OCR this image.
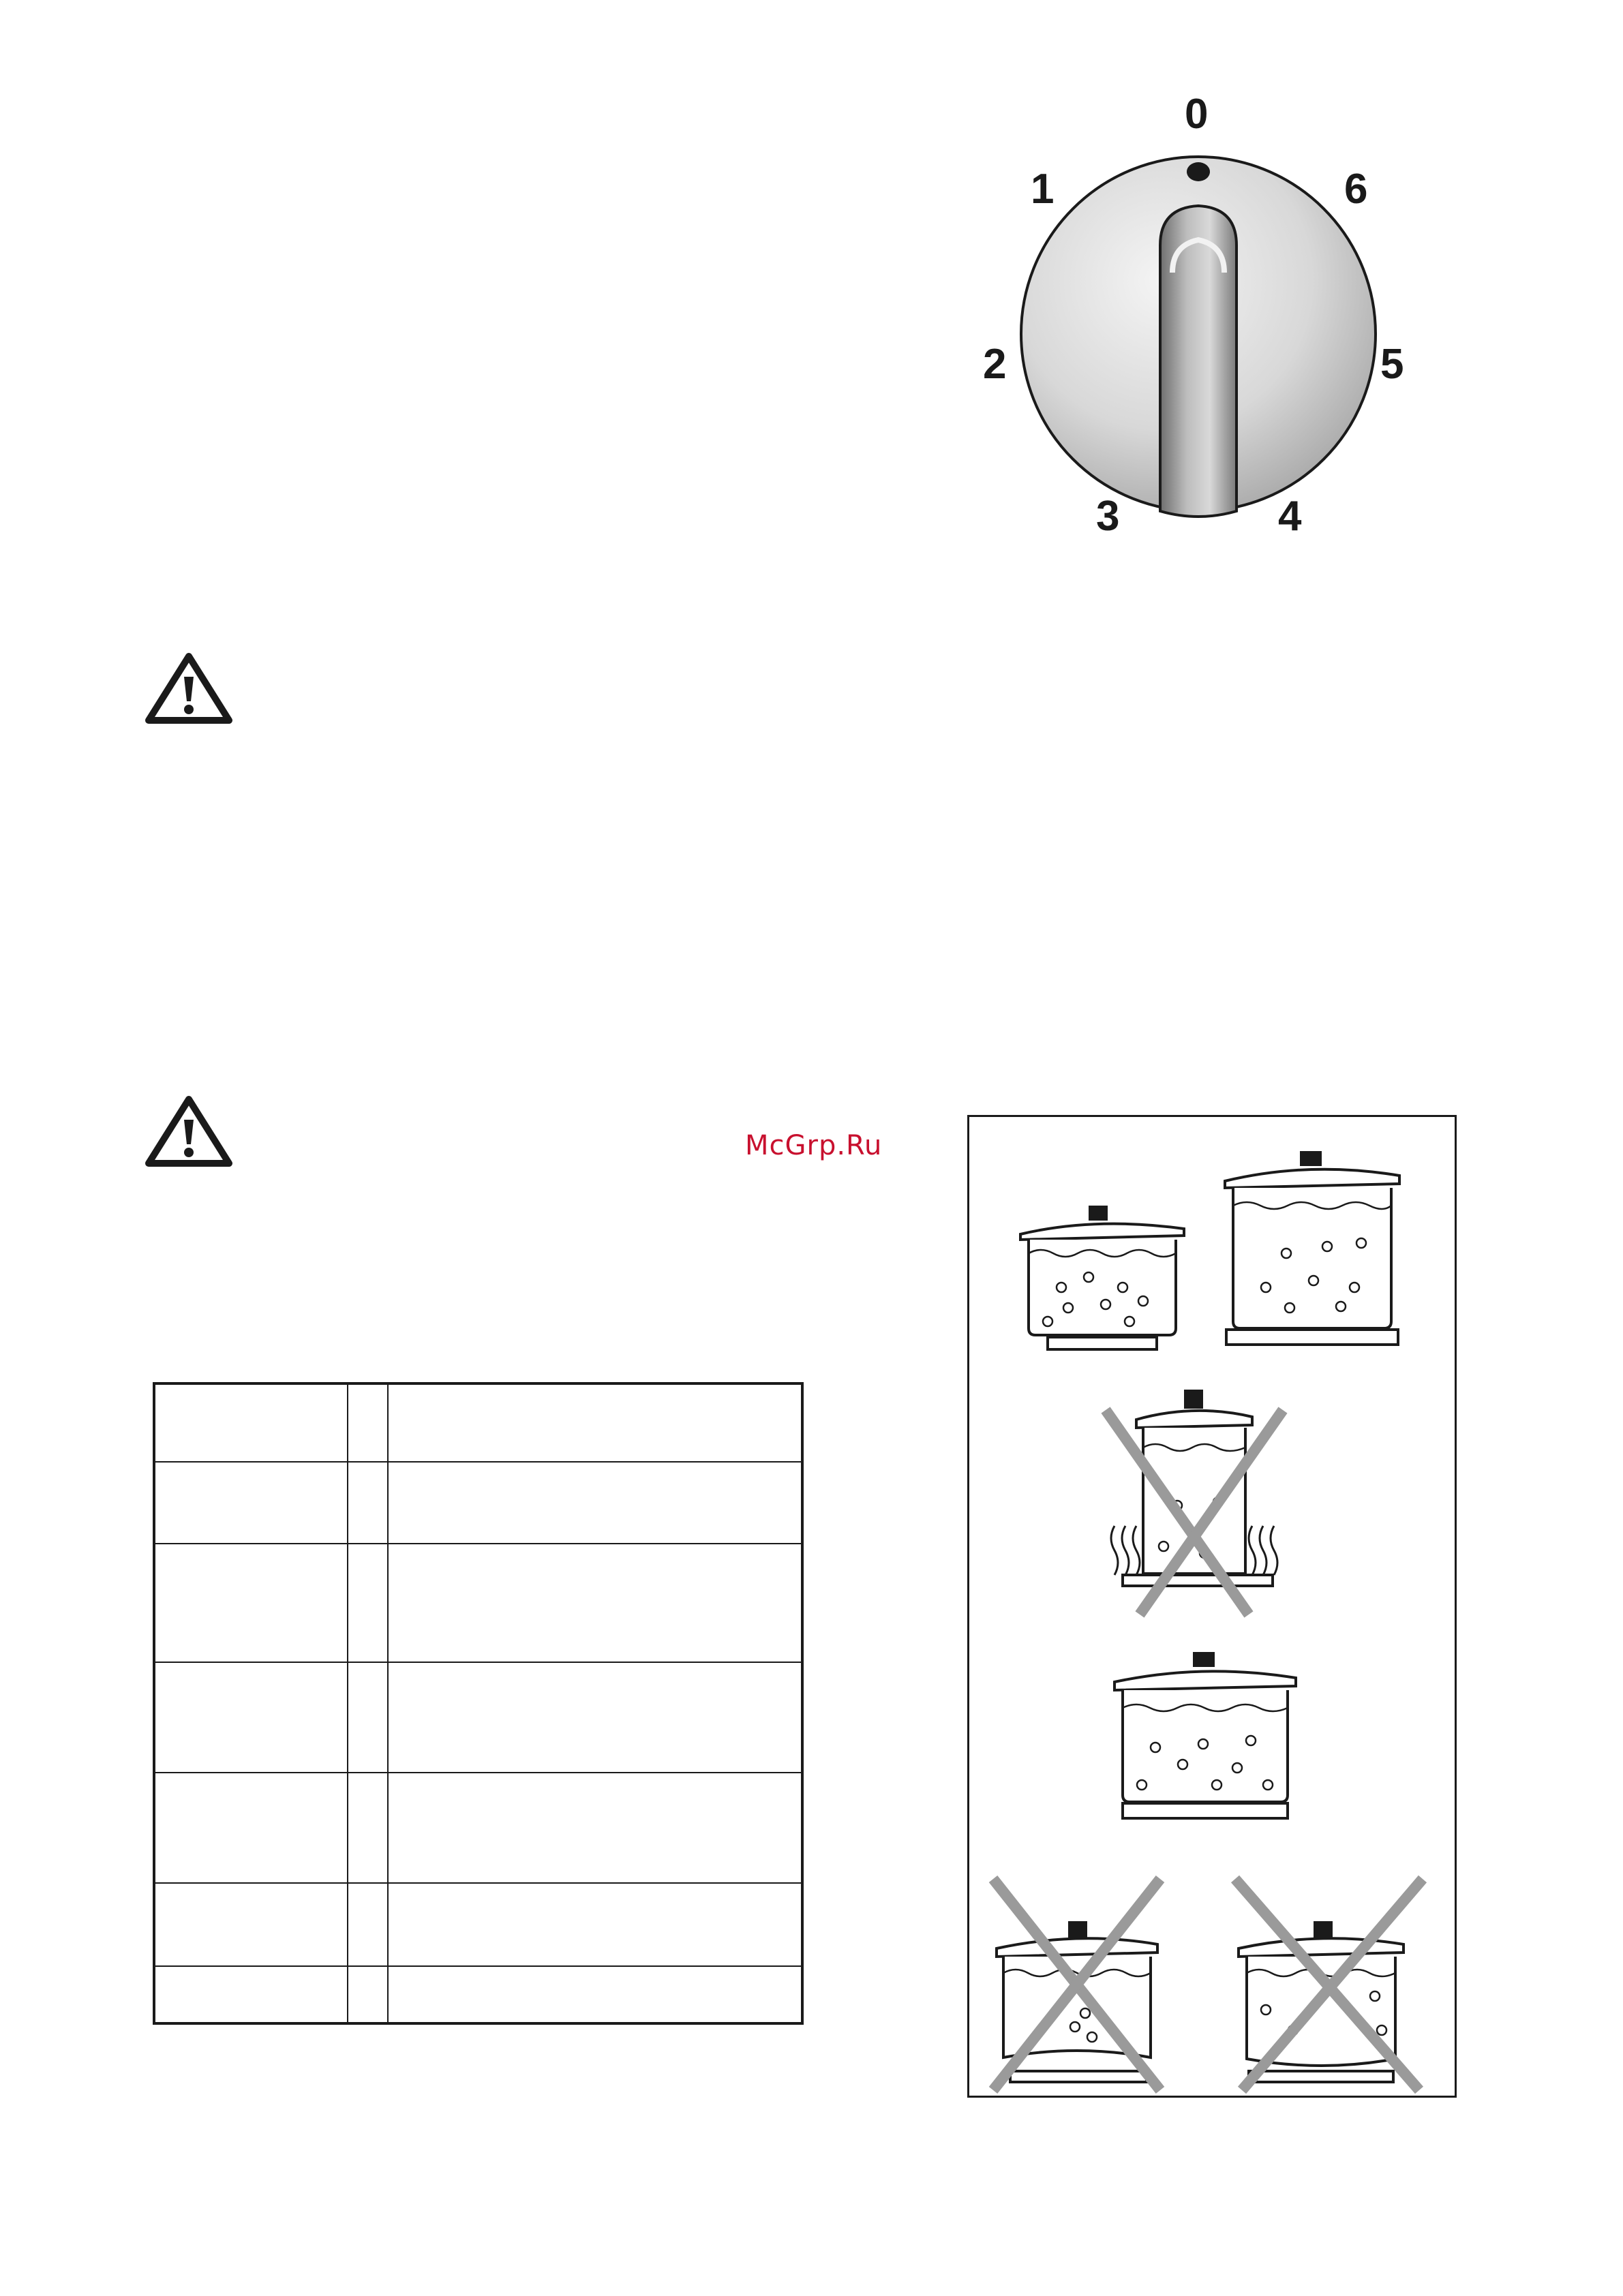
0
1
2
3	4
5
6
McGrp.Ru
